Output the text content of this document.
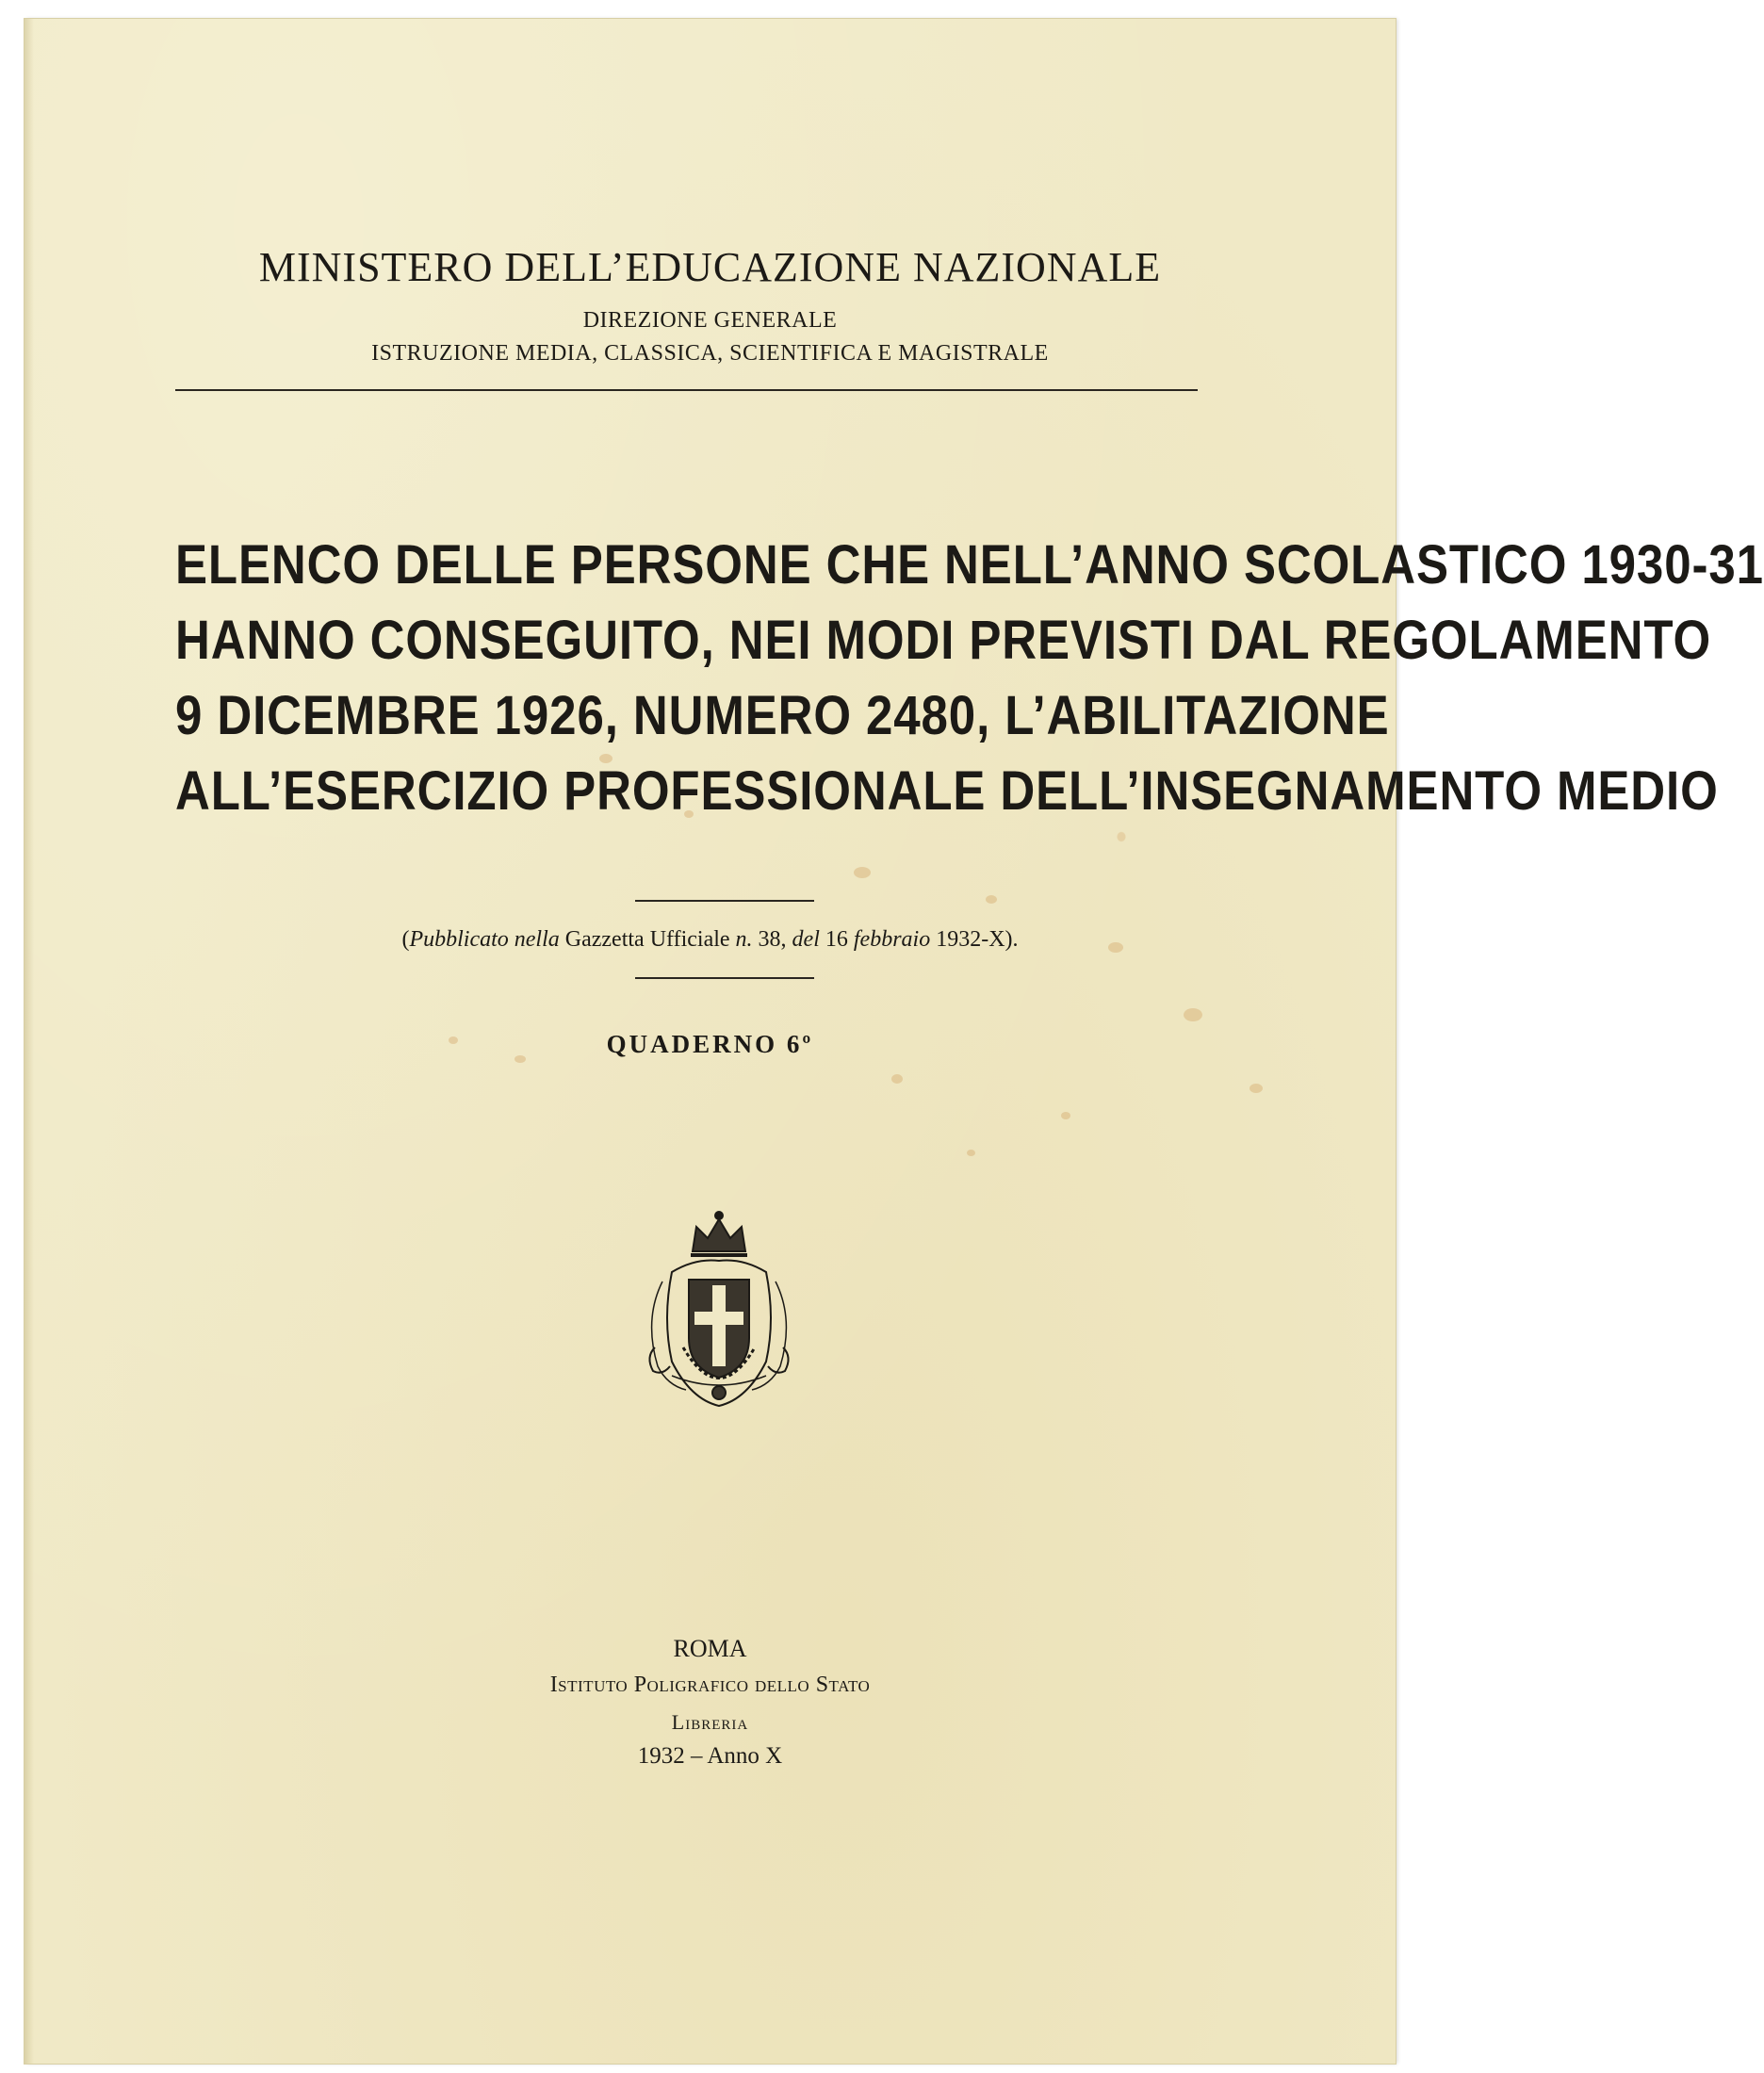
MINISTERO DELL’EDUCAZIONE NAZIONALE
DIREZIONE GENERALE
ISTRUZIONE MEDIA, CLASSICA, SCIENTIFICA E MAGISTRALE
ELENCO DELLE PERSONE CHE NELL’ANNO SCOLASTICO 1930-31
HANNO CONSEGUITO, NEI MODI PREVISTI DAL REGOLAMENTO
9 DICEMBRE 1926, NUMERO 2480, L’ABILITAZIONE
ALL’ESERCIZIO PROFESSIONALE DELL’INSEGNAMENTO MEDIO
(Pubblicato nella Gazzetta Ufficiale n. 38, del 16 febbraio 1932-X).
QUADERNO 6º
ROMA
Istituto Poligrafico dello Stato
Libreria
1932 – Anno X
